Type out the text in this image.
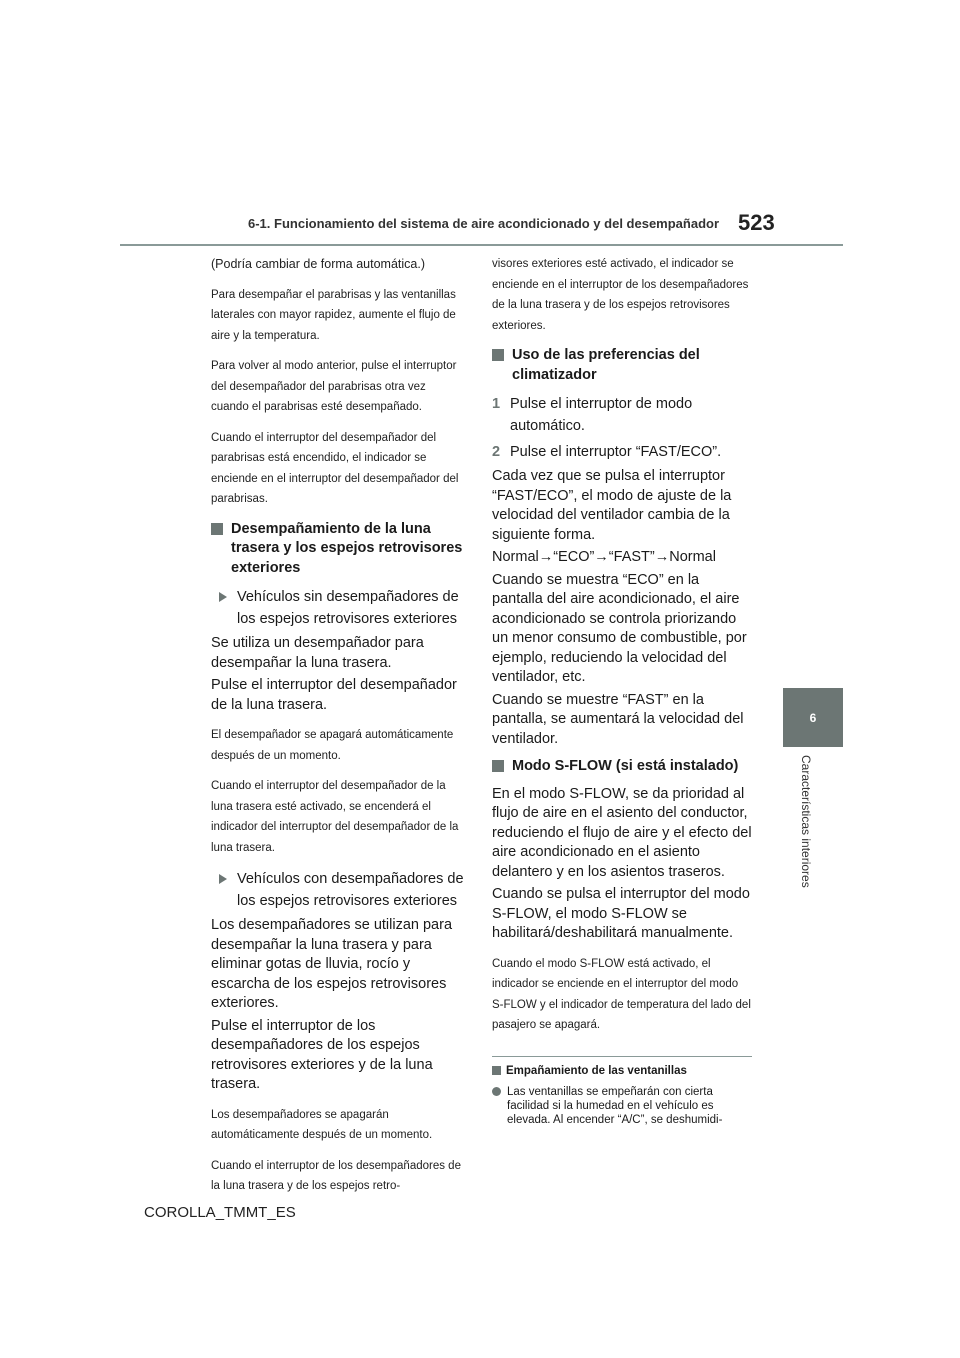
6-1. Funcionamiento del sistema de aire acondicionado y del desempañador 523
6
Características interiores

(Podría cambiar de forma automática.)

Para desempañar el parabrisas y las ventanillas laterales con mayor rapidez, aumente el flujo de aire y la temperatura.

Para volver al modo anterior, pulse el interruptor del desempañador del parabrisas otra vez cuando el parabrisas esté desempañado.

Cuando el interruptor del desempañador del parabrisas está encendido, el indicador se enciende en el interruptor del desempañador del parabrisas.

Desempañamiento de la luna trasera y los espejos retrovisores exteriores

Vehículos sin desempañadores de los espejos retrovisores exteriores

Se utiliza un desempañador para desempañar la luna trasera.

Pulse el interruptor del desempañador de la luna trasera.

El desempañador se apagará automáticamente después de un momento.

Cuando el interruptor del desempañador de la luna trasera esté activado, se encenderá el indicador del interruptor del desempañador de la luna trasera.

Vehículos con desempañadores de los espejos retrovisores exteriores

Los desempañadores se utilizan para desempañar la luna trasera y para eliminar gotas de lluvia, rocío y escarcha de los espejos retrovisores exteriores.

Pulse el interruptor de los desempañadores de los espejos retrovisores exteriores y de la luna trasera.

Los desempañadores se apagarán automáticamente después de un momento.

Cuando el interruptor de los desempañadores de la luna trasera y de los espejos retro-

visores exteriores esté activado, el indicador se enciende en el interruptor de los desempañadores de la luna trasera y de los espejos retrovisores exteriores.

Uso de las preferencias del climatizador

1 Pulse el interruptor de modo automático.

2 Pulse el interruptor “FAST/ECO”.

Cada vez que se pulsa el interruptor “FAST/ECO”, el modo de ajuste de la velocidad del ventilador cambia de la siguiente forma.

Normal→“ECO”→“FAST”→Normal

Cuando se muestra “ECO” en la pantalla del aire acondicionado, el aire acondicionado se controla priorizando un menor consumo de combustible, por ejemplo, reduciendo la velocidad del ventilador, etc.

Cuando se muestre “FAST” en la pantalla, se aumentará la velocidad del ventilador.

Modo S-FLOW (si está instalado)

En el modo S-FLOW, se da prioridad al flujo de aire en el asiento del conductor, reduciendo el flujo de aire y el efecto del aire acondicionado en el asiento delantero y en los asientos traseros.

Cuando se pulsa el interruptor del modo S-FLOW, el modo S-FLOW se habilitará/deshabilitará manualmente.

Cuando el modo S-FLOW está activado, el indicador se enciende en el interruptor del modo S-FLOW y el indicador de temperatura del lado del pasajero se apagará.

Empañamiento de las ventanillas
Las ventanillas se empeñarán con cierta facilidad si la humedad en el vehículo es elevada. Al encender “A/C”, se deshumidi-
COROLLA_TMMT_ES
